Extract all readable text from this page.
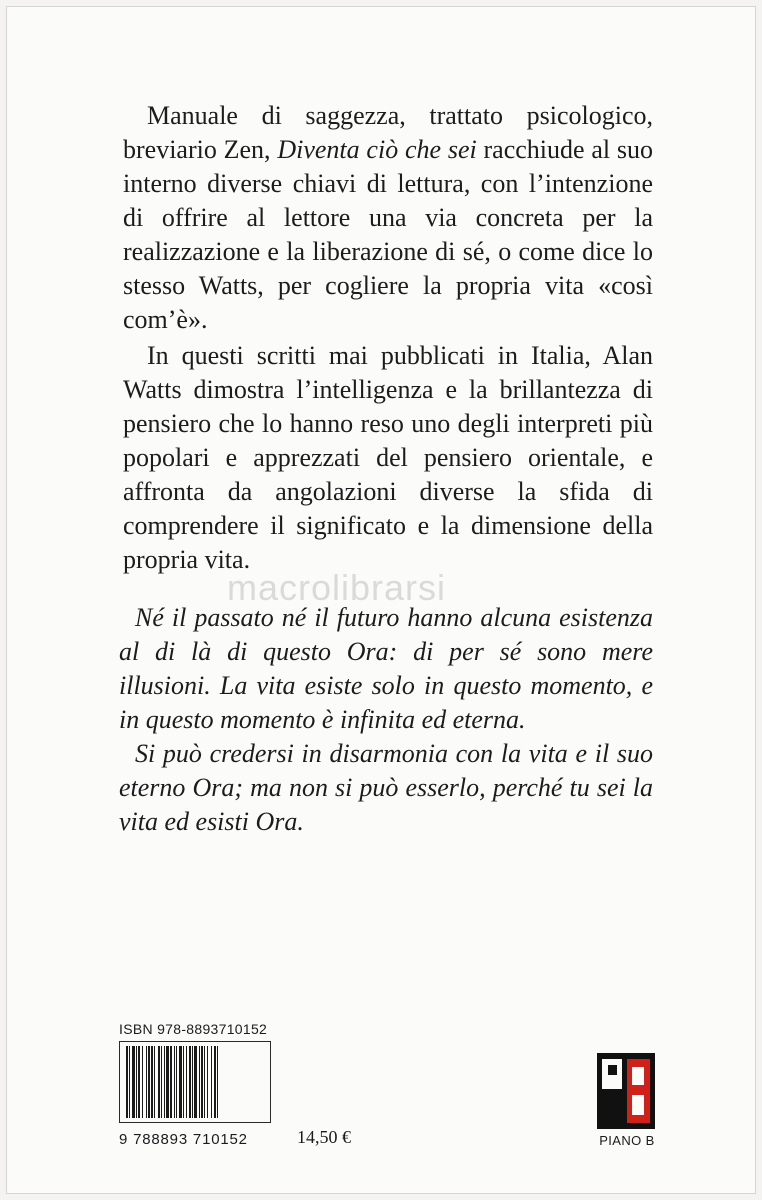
Manuale di saggezza, trattato psicologico, breviario Zen, Diventa ciò che sei racchiude al suo interno diverse chiavi di lettura, con l’intenzione di offrire al lettore una via concreta per la realizzazione e la liberazione di sé, o come dice lo stesso Watts, per cogliere la propria vita «così com’è».

In questi scritti mai pubblicati in Italia, Alan Watts dimostra l’intelligenza e la brillantezza di pensiero che lo hanno reso uno degli interpreti più popolari e apprezzati del pensiero orientale, e affronta da angolazioni diverse la sfida di comprendere il significato e la dimensione della propria vita.

macrolibrarsi

Né il passato né il futuro hanno alcuna esistenza al di là di questo Ora: di per sé sono mere illusioni. La vita esiste solo in questo momento, e in questo momento è infinita ed eterna.

Si può credersi in disarmonia con la vita e il suo eterno Ora; ma non si può esserlo, perché tu sei la vita ed esisti Ora.

ISBN 978-8893710152
9 788893 710152	14,50 €	PIANO B
